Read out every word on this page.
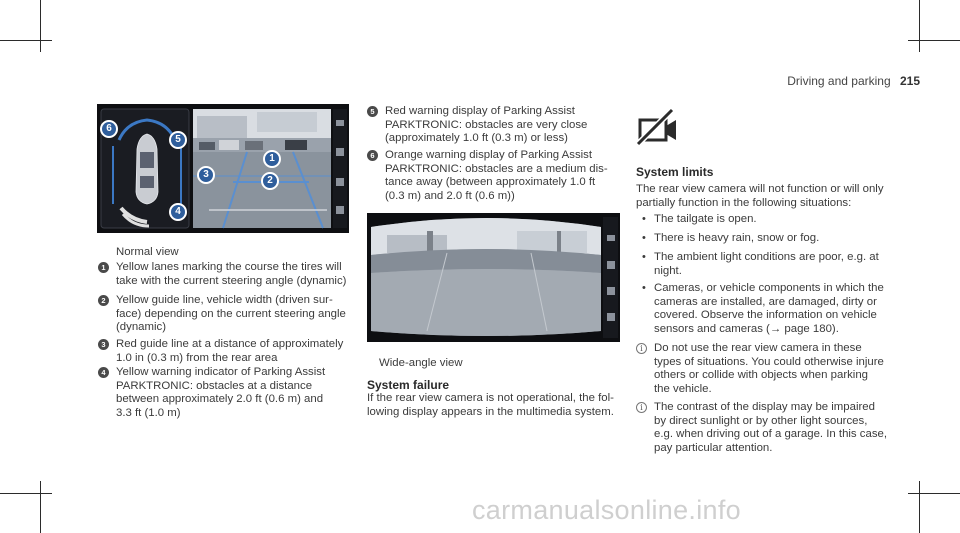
Driving and parking 215
1
2
3
4
5
6
Normal view
1 Yellow lanes marking the course the tires will
take with the current steering angle (dynamic)
2 Yellow guide line, vehicle width (driven sur-
face) depending on the current steering angle
(dynamic)
3 Red guide line at a distance of approximately
1.0 in (0.3 m) from the rear area
4 Yellow warning indicator of Parking Assist
PARKTRONIC: obstacles at a distance
between approximately 2.0 ft (0.6 m) and
3.3 ft (1.0 m)
5 Red warning display of Parking Assist
PARKTRONIC: obstacles are very close
(approximately 1.0 ft (0.3 m) or less)
6 Orange warning display of Parking Assist
PARKTRONIC: obstacles are a medium dis-
tance away (between approximately 1.0 ft
(0.3 m) and 2.0 ft (0.6 m))
Wide-angle view
System failure
If the rear view camera is not operational, the fol-
lowing display appears in the multimedia system.
System limits
The rear view camera will not function or will only
partially function in the following situations:
• The tailgate is open.
• There is heavy rain, snow or fog.
• The ambient light conditions are poor, e.g. at
night.
• Cameras, or vehicle components in which the
cameras are installed, are damaged, dirty or
covered. Observe the information on vehicle
sensors and cameras (→ page 180).
i Do not use the rear view camera in these
types of situations. You could otherwise injure
others or collide with objects when parking
the vehicle.
i The contrast of the display may be impaired
by direct sunlight or by other light sources,
e.g. when driving out of a garage. In this case,
pay particular attention.
carmanualsonline.info
